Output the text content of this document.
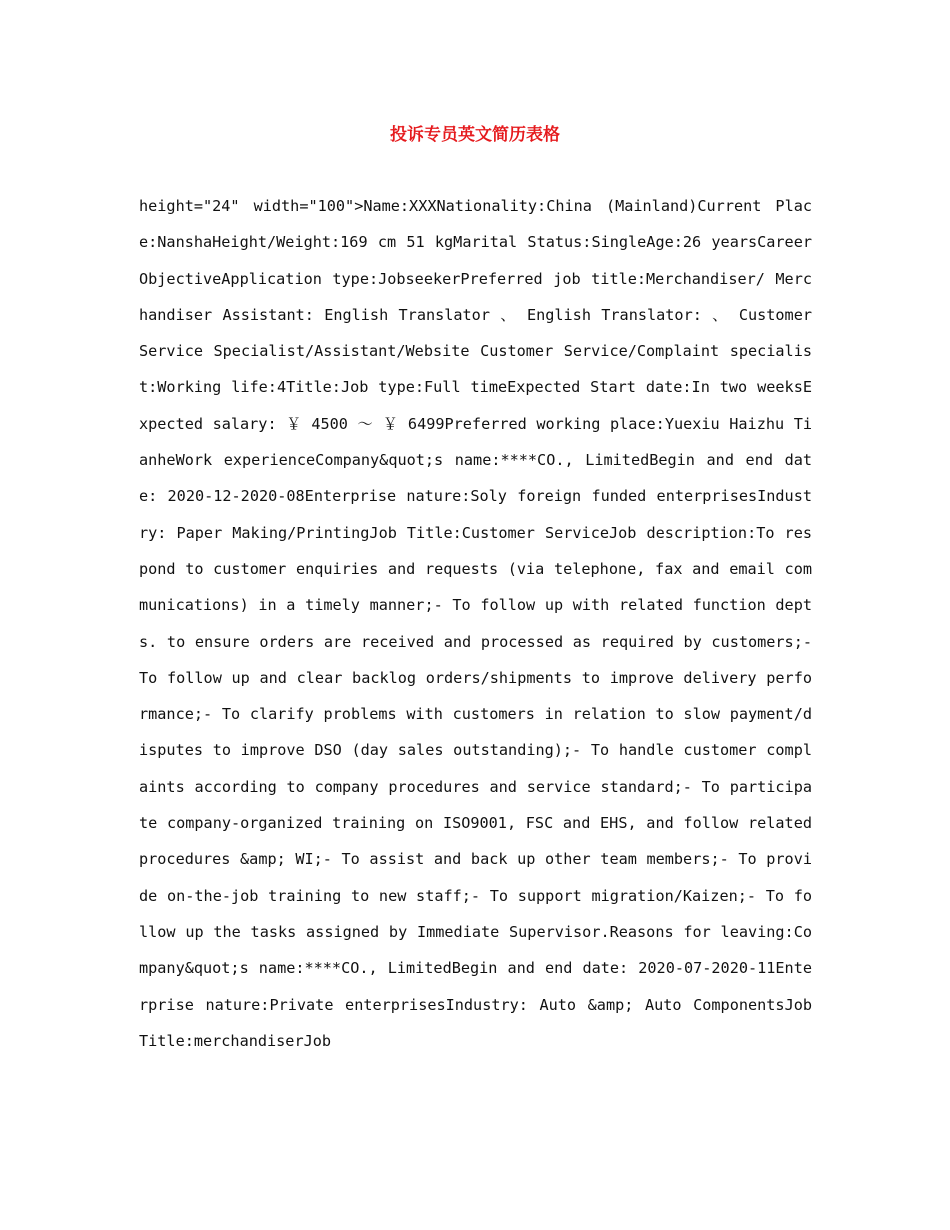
投诉专员英文简历表格
height="24" width="100">Name:XXXNationality:China (Mainland)Current Place:NanshaHeight/Weight:169 cm 51 kgMarital Status:SingleAge:26 yearsCareer ObjectiveApplication type:JobseekerPreferred job title:Merchandiser/ Merchandiser Assistant: English Translator 、 English Translator: 、 Customer Service Specialist/Assistant/Website Customer Service/Complaint specialist:Working life:4Title:Job type:Full timeExpected Start date:In two weeksExpected salary: ￥ 4500 ～ ￥ 6499Preferred working place:Yuexiu Haizhu TianheWork experienceCompany&quot;s name:****CO., LimitedBegin and end date: 2020-12-2020-08Enterprise nature:Soly foreign funded enterprisesIndustry: Paper Making/PrintingJob Title:Customer ServiceJob description:To respond to customer enquiries and requests (via telephone, fax and email communications) in a timely manner;- To follow up with related function depts. to ensure orders are received and processed as required by customers;- To follow up and clear backlog orders/shipments to improve delivery performance;- To clarify problems with customers in relation to slow payment/disputes to improve DSO (day sales outstanding);- To handle customer complaints according to company procedures and service standard;- To participate company-organized training on ISO9001, FSC and EHS, and follow related procedures &amp; WI;- To assist and back up other team members;- To provide on-the-job training to new staff;- To support migration/Kaizen;- To follow up the tasks assigned by Immediate Supervisor.Reasons for leaving:Company&quot;s name:****CO., LimitedBegin and end date: 2020-07-2020-11Enterprise nature:Private enterprisesIndustry: Auto &amp; Auto ComponentsJob Title:merchandiserJob
